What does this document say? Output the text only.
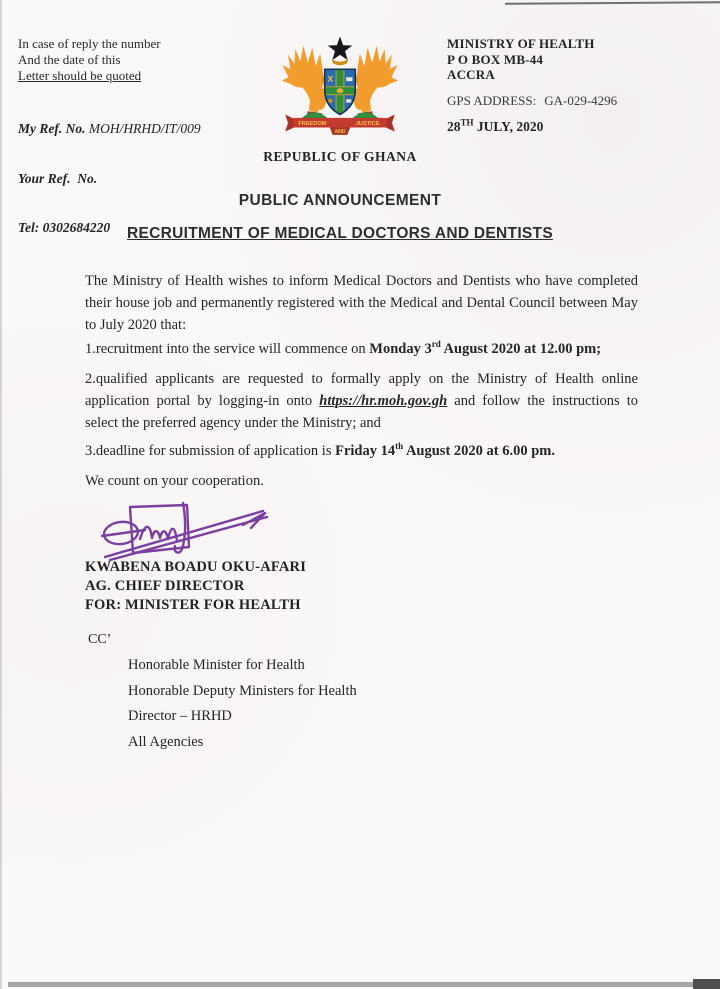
In case of reply the number
And the date of this
Letter should be quoted

My Ref. No. MOH/HRHD/IT/009

Your Ref.  No.

Tel: 0302684220

FREEDOM	JUSTICE
AND
REPUBLIC OF GHANA
MINISTRY OF HEALTH
P O BOX MB-44
ACCRA
GPS ADDRESS: GA-029-4296
28TH JULY, 2020
PUBLIC ANNOUNCEMENT
RECRUITMENT OF MEDICAL DOCTORS AND DENTISTS
The Ministry of Health wishes to inform Medical Doctors and Dentists who have completed their house job and permanently registered with the Medical and Dental Council between May to July 2020 that:
1.recruitment into the service will commence on Monday 3rd August 2020 at 12.00 pm;
2.qualified applicants are requested to formally apply on the Ministry of Health online application portal by logging-in onto https://hr.moh.gov.gh and follow the instructions to select the preferred agency under the Ministry; and
3.deadline for submission of application is Friday 14th August 2020 at 6.00 pm.
We count on your cooperation.
KWABENA BOADU OKU-AFARI
AG. CHIEF DIRECTOR
FOR: MINISTER FOR HEALTH
CC’
Honorable Minister for Health
Honorable Deputy Ministers for Health
Director – HRHD
All Agencies
